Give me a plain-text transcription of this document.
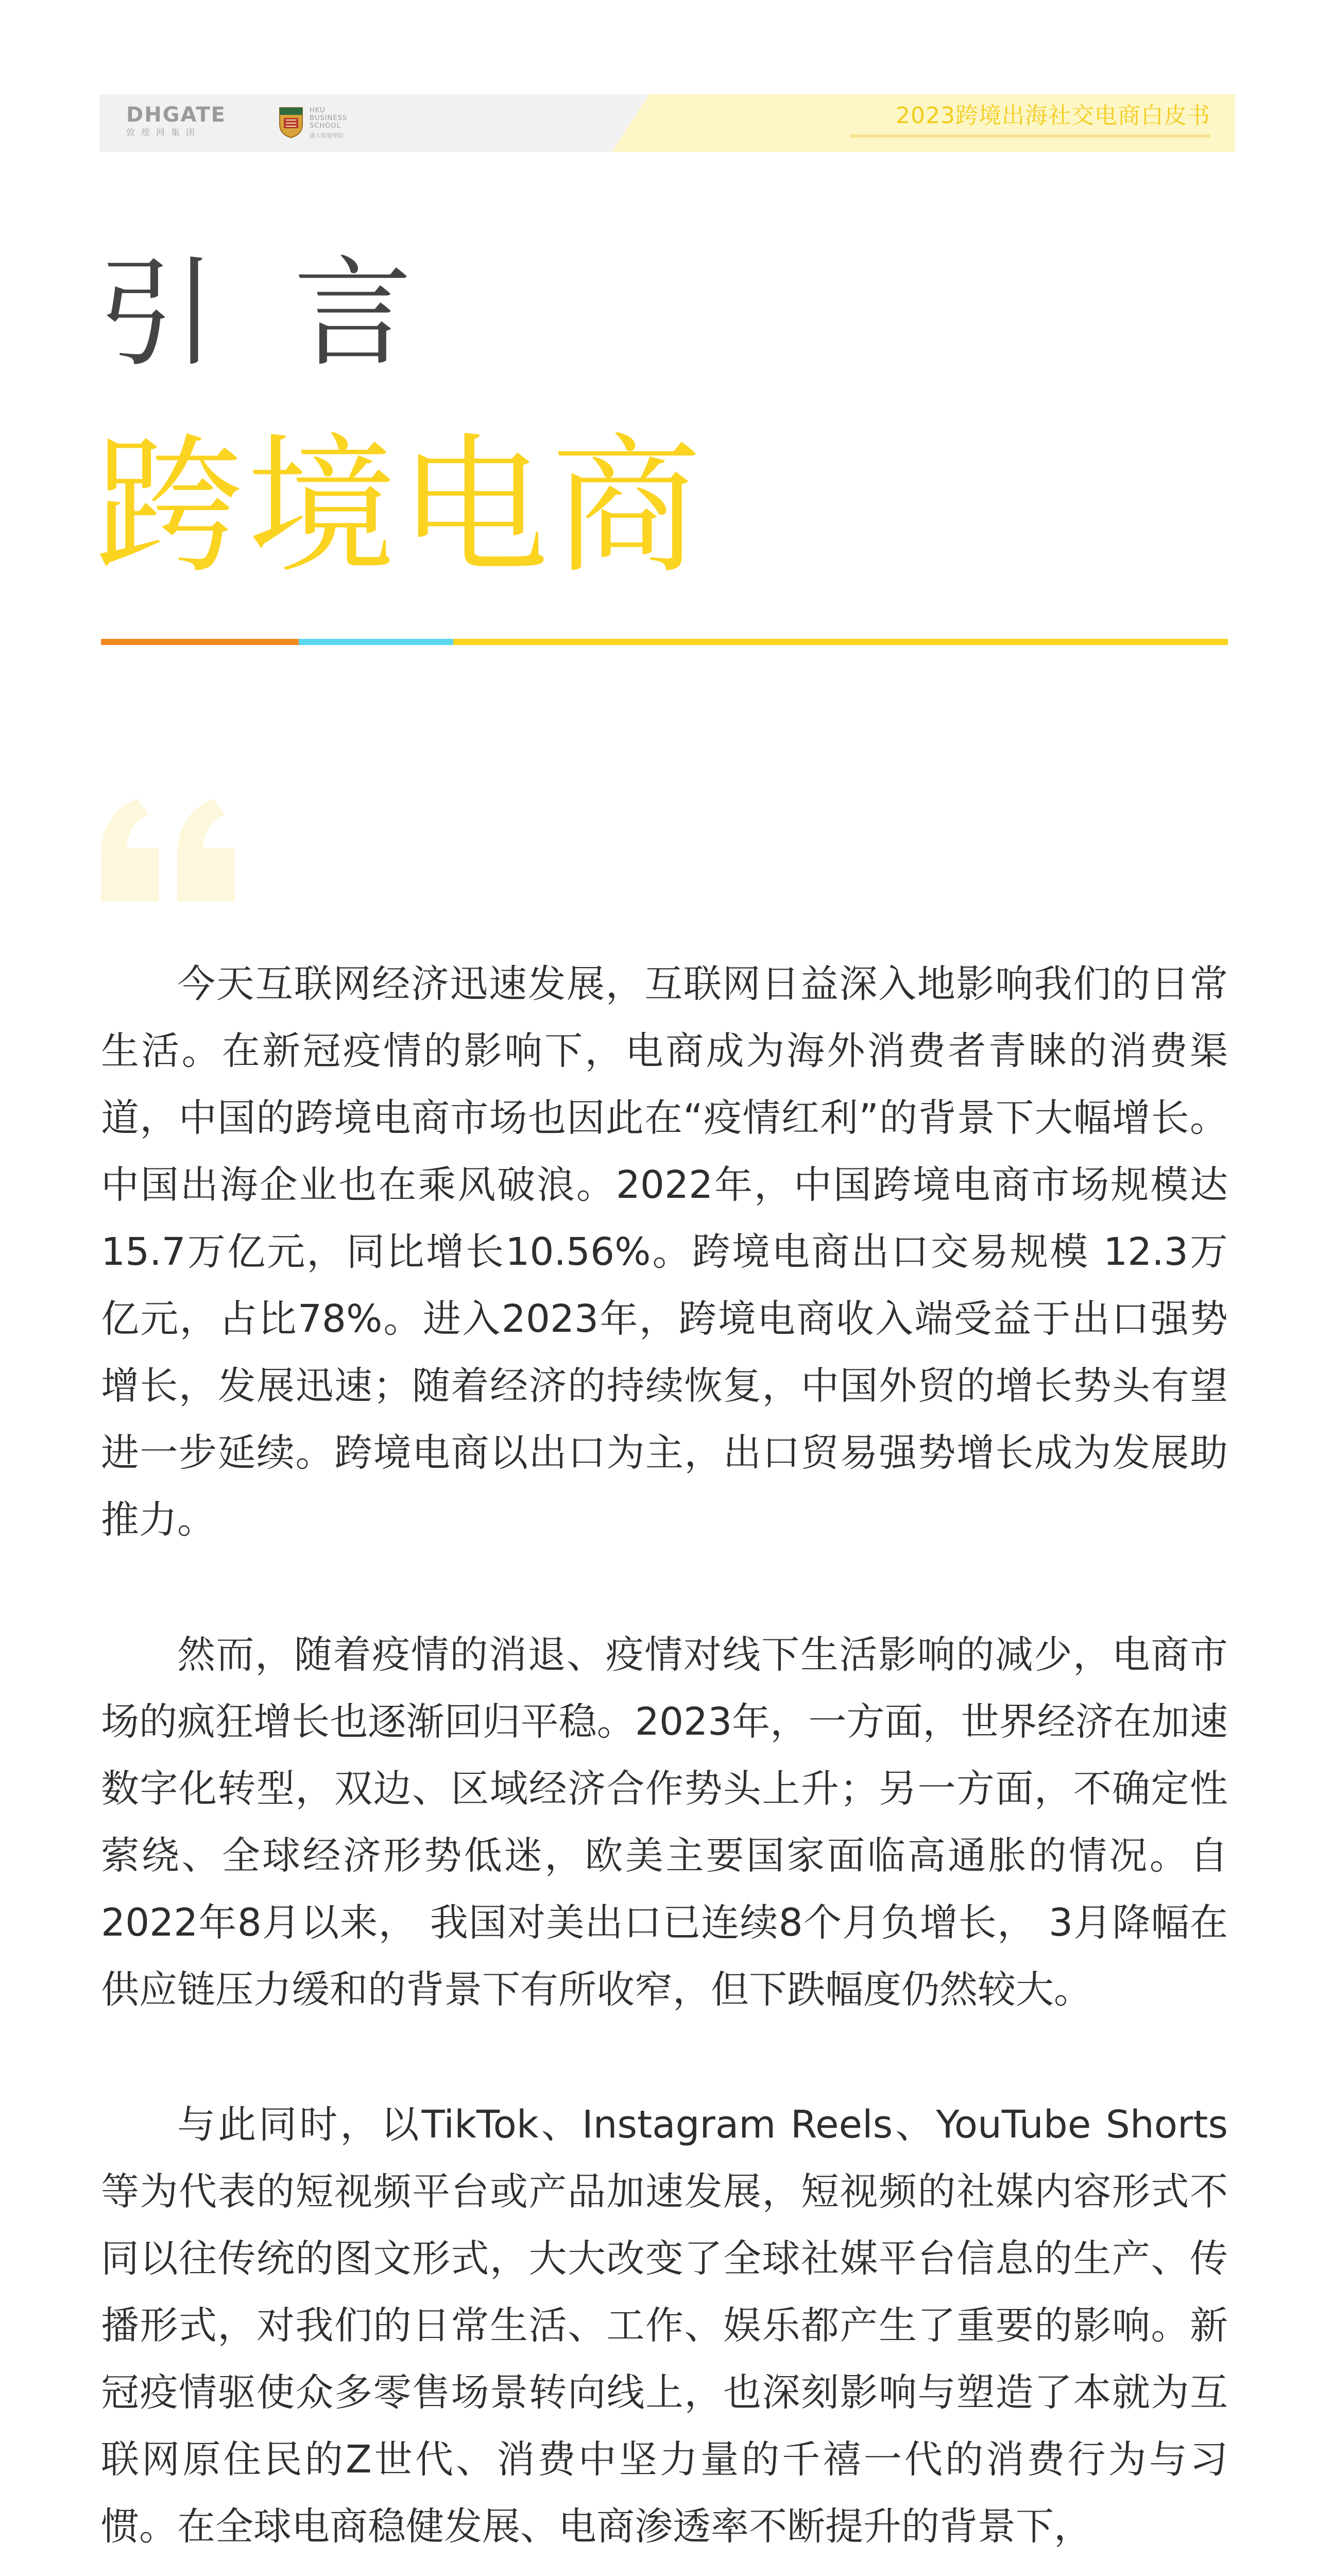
DHGATE
敦煌网集团
HKU
BUSINESS
SCHOOL
港大經管學院
2023跨境出海社交电商白皮书
引言
跨境电商

今天互联网经济迅速发展，互联网日益深入地影响我们的日常生活。在新冠疫情的影响下，电商成为海外消费者青睐的消费渠道，中国的跨境电商市场也因此在“疫情红利”的背景下大幅增长。中国出海企业也在乘风破浪。2022年，中国跨境电商市场规模达15.7万亿元，同比增长10.56%。跨境电商出口交易规模 12.3万亿元，占比78%。进入2023年，跨境电商收入端受益于出口强势增长，发展迅速；随着经济的持续恢复，中国外贸的增长势头有望进一步延续。跨境电商以出口为主，出口贸易强势增长成为发展助推力。

然而，随着疫情的消退、疫情对线下生活影响的减少，电商市场的疯狂增长也逐渐回归平稳。2023年，一方面，世界经济在加速数字化转型，双边、区域经济合作势头上升；另一方面，不确定性萦绕、全球经济形势低迷，欧美主要国家面临高通胀的情况。自2022年8月以来， 我国对美出口已连续8个月负增长， 3月降幅在供应链压力缓和的背景下有所收窄，但下跌幅度仍然较大。

与此同时，以TikTok、Instagram Reels、YouTube Shorts等为代表的短视频平台或产品加速发展，短视频的社媒内容形式不同以往传统的图文形式，大大改变了全球社媒平台信息的生产、传播形式，对我们的日常生活、工作、娱乐都产生了重要的影响。新冠疫情驱使众多零售场景转向线上，也深刻影响与塑造了本就为互联网原住民的Z世代、消费中坚力量的千禧一代的消费行为与习惯。在全球电商稳健发展、电商渗透率不断提升的背景下，
